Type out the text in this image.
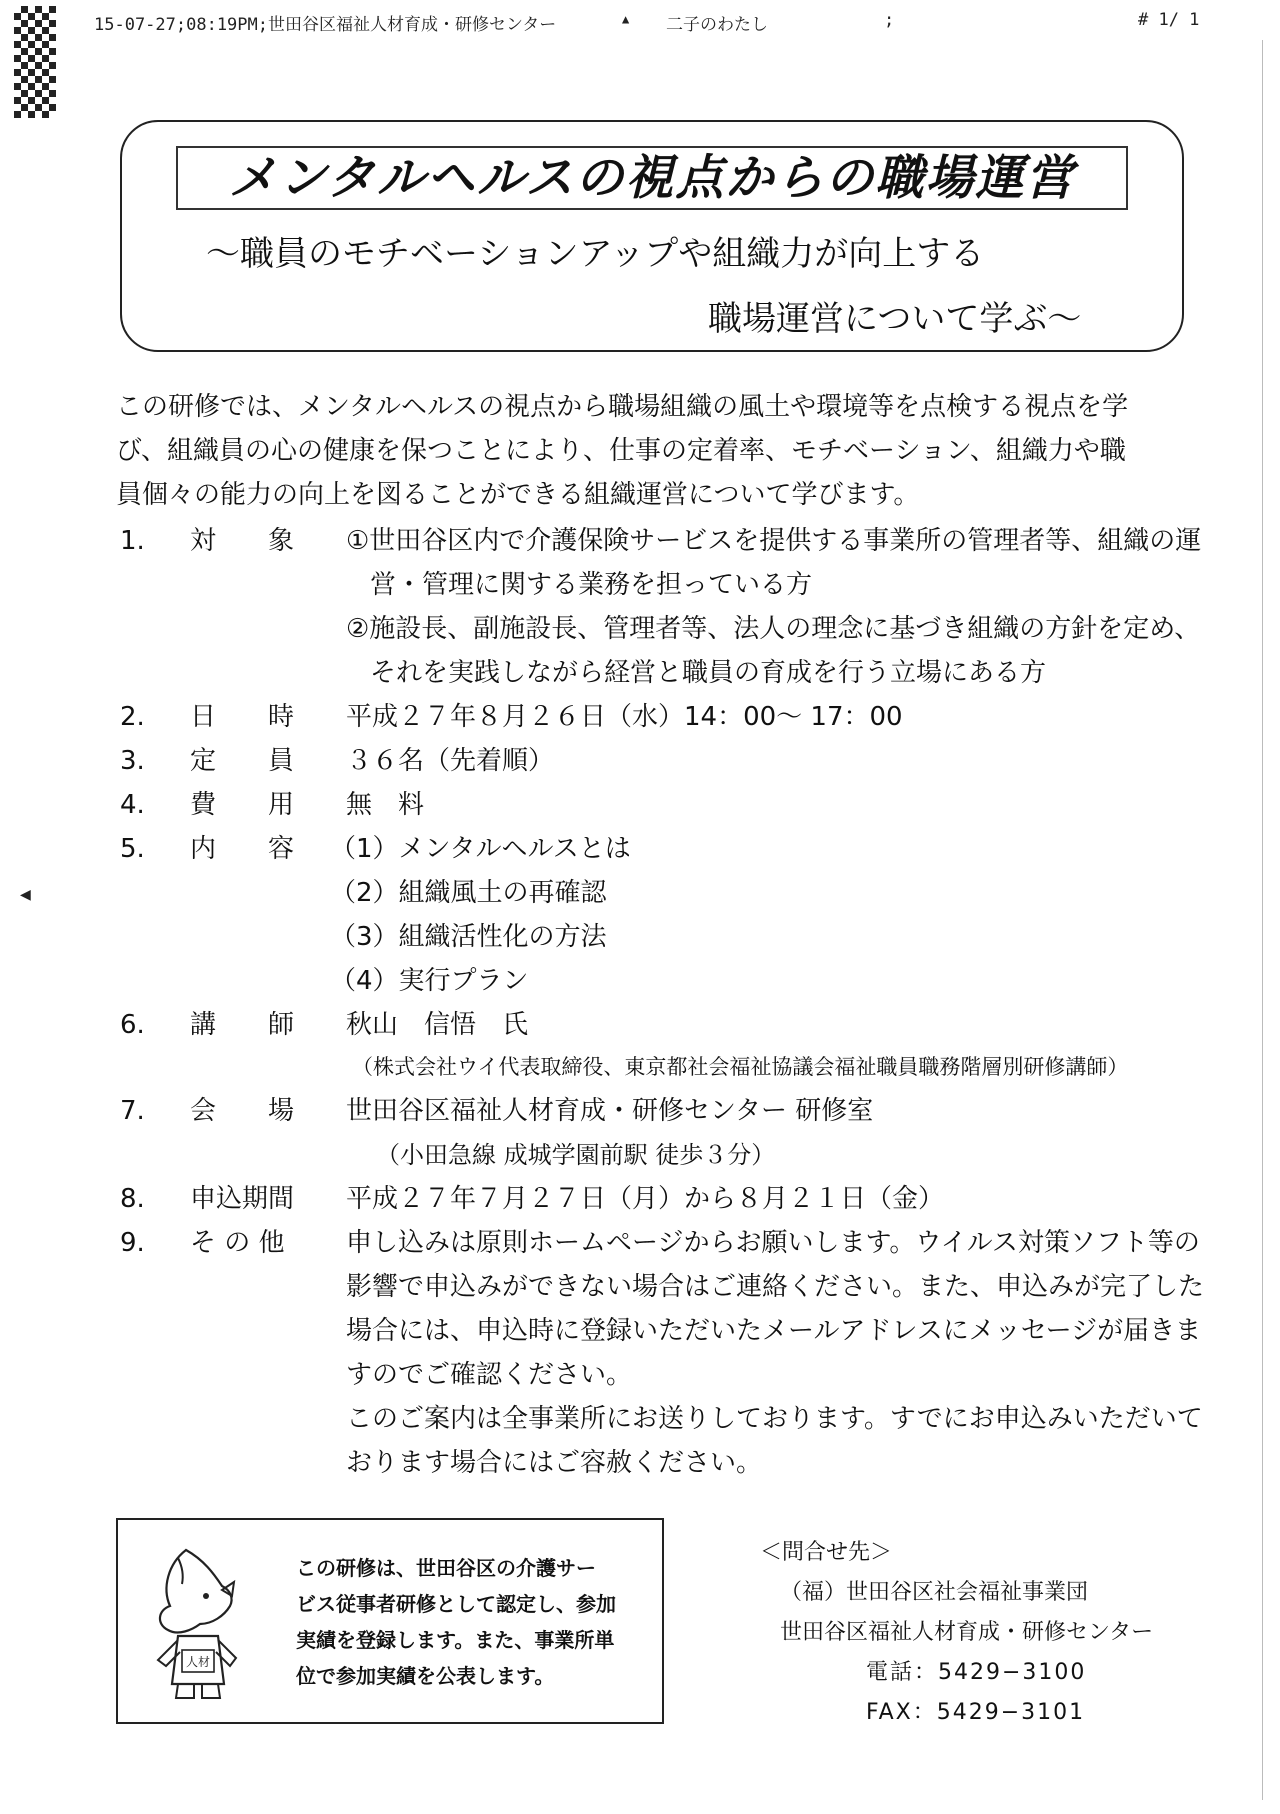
15-07-27;08:19PM;世田谷区福祉人材育成・研修センター	▲ 二子のわたし	;	# 1/ 1
◀
メンタルヘルスの視点からの職場運営
～職員のモチベーションアップや組織力が向上する
職場運営について学ぶ～
この研修では、メンタルヘルスの視点から職場組織の風土や環境等を点検する視点を学
び、組織員の心の健康を保つことにより、仕事の定着率、モチベーション、組織力や職
員個々の能力の向上を図ることができる組織運営について学びます。
1. 対　　象 ①世田谷区内で介護保険サービスを提供する事業所の管理者等、組織の運
営・管理に関する業務を担っている方
②施設長、副施設長、管理者等、法人の理念に基づき組織の方針を定め、
それを実践しながら経営と職員の育成を行う立場にある方
2. 日　　時 平成２７年８月２６日（水）14：00～ 17：00
3. 定　　員 ３６名（先着順）
4. 費　　用 無　料
5. 内　　容 （1）メンタルヘルスとは
（2）組織風土の再確認
（3）組織活性化の方法
（4）実行プラン
6. 講　　師 秋山　信悟　氏
（株式会社ウイ代表取締役、東京都社会福祉協議会福祉職員職務階層別研修講師）
7. 会　　場 世田谷区福祉人材育成・研修センター 研修室
（小田急線 成城学園前駅 徒歩３分）
8. 申込期間 平成２７年７月２７日（月）から８月２１日（金）
9. そ の 他 申し込みは原則ホームページからお願いします。ウイルス対策ソフト等の
影響で申込みができない場合はご連絡ください。また、申込みが完了した
場合には、申込時に登録いただいたメールアドレスにメッセージが届きま
すのでご確認ください。
このご案内は全事業所にお送りしております。すでにお申込みいただいて
おります場合にはご容赦ください。
人材
この研修は、世田谷区の介護サー
ビス従事者研修として認定し、参加
実績を登録します。また、事業所単
位で参加実績を公表します。
＜問合せ先＞
（福）世田谷区社会福祉事業団
世田谷区福祉人材育成・研修センター
電話：5429−3100
FAX：5429−3101
